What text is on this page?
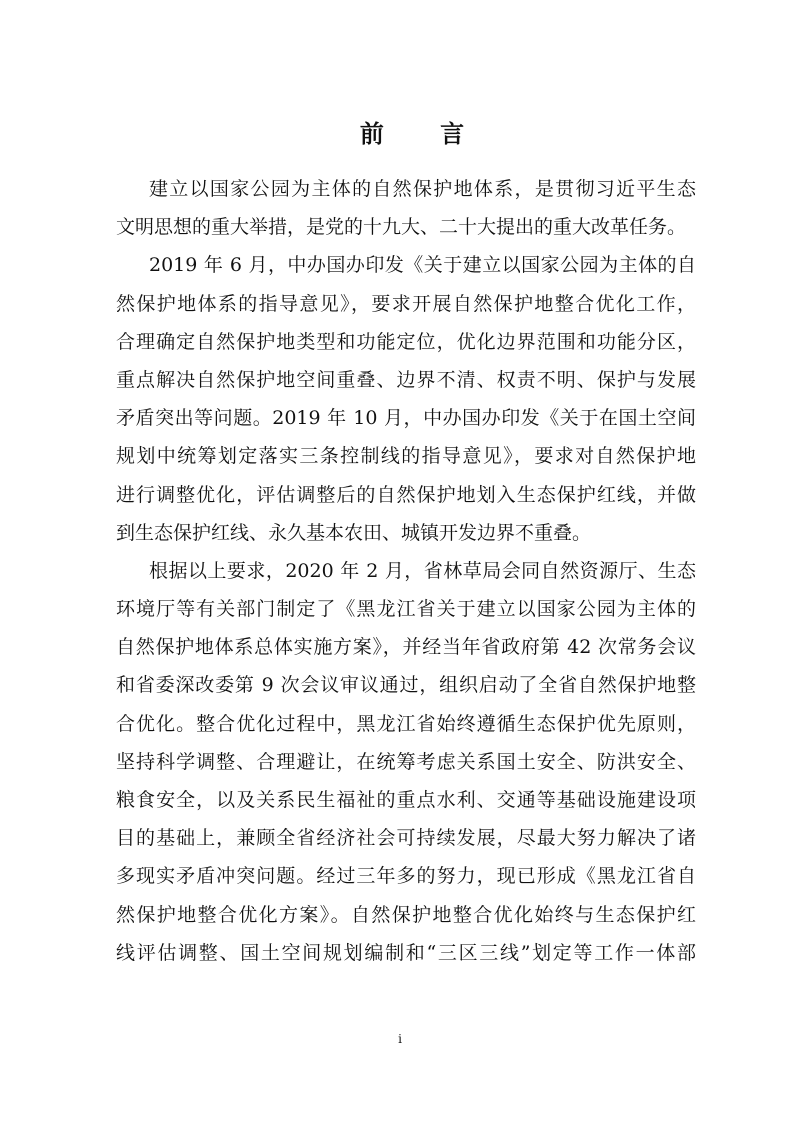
前 言
建立以国家公园为主体的自然保护地体系，是贯彻习近平生态
文明思想的重大举措，是党的十九大、二十大提出的重大改革任务。
2019 年 6 月，中办国办印发《关于建立以国家公园为主体的自
然保护地体系的指导意见》，要求开展自然保护地整合优化工作，
合理确定自然保护地类型和功能定位，优化边界范围和功能分区，
重点解决自然保护地空间重叠、边界不清、权责不明、保护与发展
矛盾突出等问题。2019 年 10 月，中办国办印发《关于在国土空间
规划中统筹划定落实三条控制线的指导意见》，要求对自然保护地
进行调整优化，评估调整后的自然保护地划入生态保护红线，并做
到生态保护红线、永久基本农田、城镇开发边界不重叠。
根据以上要求，2020 年 2 月，省林草局会同自然资源厅、生态
环境厅等有关部门制定了《黑龙江省关于建立以国家公园为主体的
自然保护地体系总体实施方案》，并经当年省政府第 42 次常务会议
和省委深改委第 9 次会议审议通过，组织启动了全省自然保护地整
合优化。整合优化过程中，黑龙江省始终遵循生态保护优先原则，
坚持科学调整、合理避让，在统筹考虑关系国土安全、防洪安全、
粮食安全，以及关系民生福祉的重点水利、交通等基础设施建设项
目的基础上，兼顾全省经济社会可持续发展，尽最大努力解决了诸
多现实矛盾冲突问题。经过三年多的努力，现已形成《黑龙江省自
然保护地整合优化方案》。自然保护地整合优化始终与生态保护红
线评估调整、国土空间规划编制和“三区三线”划定等工作一体部
i
